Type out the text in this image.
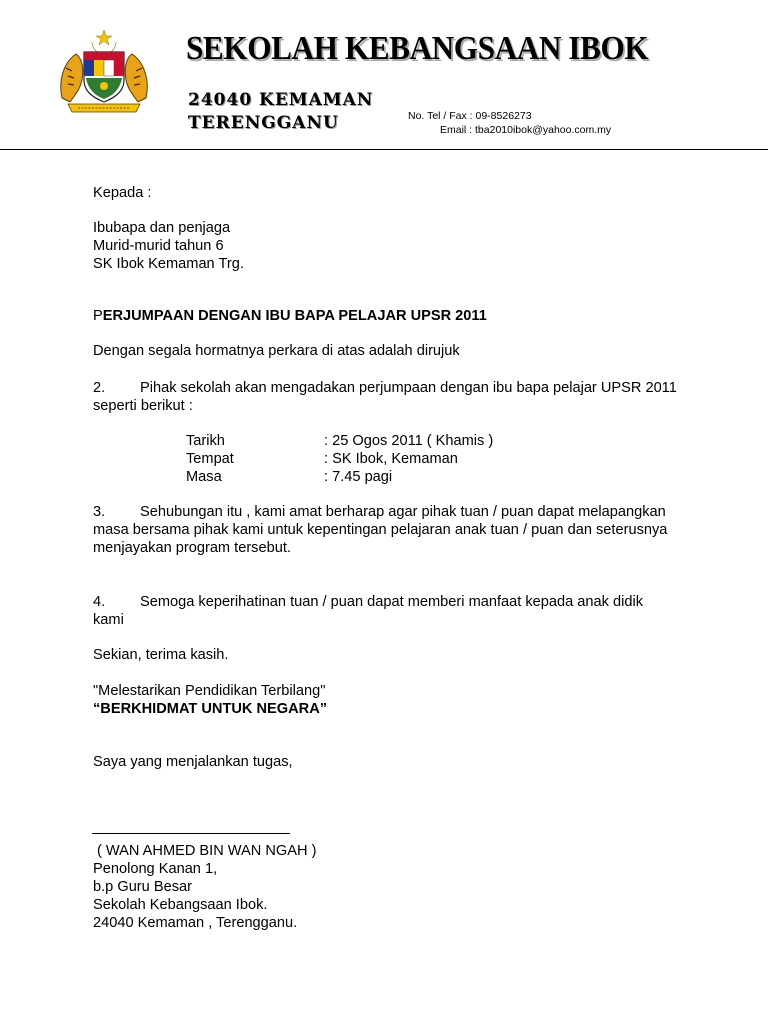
SEKOLAH KEBANGSAAN IBOK
24040 KEMAMAN
TERENGGANU	No. Tel / Fax : 09-8526273
Email : tba2010ibok@yahoo.com.my
Kepada :
Ibubapa dan penjaga
Murid-murid tahun 6
SK Ibok Kemaman Trg.
PERJUMPAAN DENGAN IBU BAPA PELAJAR UPSR 2011
Dengan segala hormatnya perkara di atas adalah dirujuk
2. Pihak sekolah akan mengadakan perjumpaan dengan ibu bapa pelajar UPSR 2011
seperti berikut :
Tarikh	: 25 Ogos 2011 ( Khamis )
Tempat	: SK Ibok, Kemaman
Masa	: 7.45 pagi
3. Sehubungan itu , kami amat berharap agar pihak tuan / puan dapat melapangkan
masa bersama pihak kami untuk kepentingan pelajaran anak tuan / puan dan seterusnya
menjayakan program tersebut.
4. Semoga keperihatinan tuan / puan dapat memberi manfaat kepada anak didik
kami
Sekian, terima kasih.
"Melestarikan Pendidikan Terbilang"
“BERKHIDMAT UNTUK NEGARA”
Saya yang menjalankan tugas,
( WAN AHMED BIN WAN NGAH )
Penolong Kanan 1,
b.p Guru Besar
Sekolah Kebangsaan Ibok.
24040 Kemaman , Terengganu.
